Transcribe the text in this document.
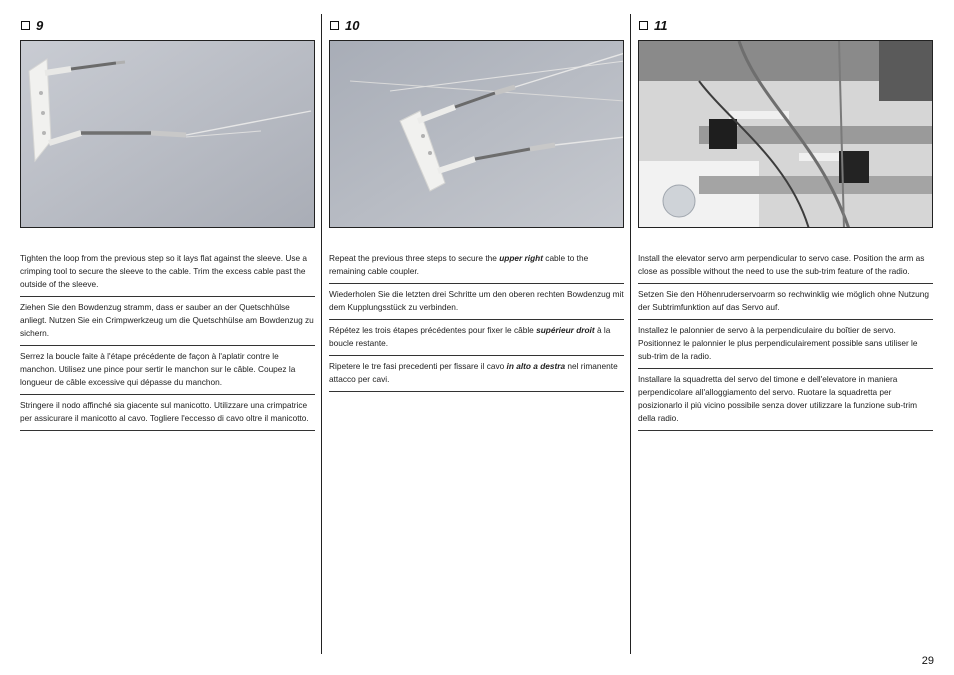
9
Tighten the loop from the previous step so it lays flat against the sleeve. Use a crimping tool to secure the sleeve to the cable. Trim the excess cable past the outside of the sleeve.
Ziehen Sie den Bowdenzug stramm, dass er sauber an der Quetschhülse anliegt. Nutzen Sie ein Crimpwerkzeug um die Quetschhülse am Bowdenzug zu sichern.
Serrez la boucle faite à l'étape précédente de façon à l'aplatir contre le manchon. Utilisez une pince pour sertir le manchon sur le câble. Coupez la longueur de câble excessive qui dépasse du manchon.
Stringere il nodo affinché sia giacente sul manicotto. Utilizzare una crimpatrice per assicurare il manicotto al cavo. Togliere l'eccesso di cavo oltre il manicotto.
10
Repeat the previous three steps to secure the upper right cable to the remaining cable coupler.
Wiederholen Sie die letzten drei Schritte um den oberen rechten Bowdenzug mit dem Kupplungsstück zu verbinden.
Répétez les trois étapes précédentes pour fixer le câble supérieur droit à la boucle restante.
Ripetere le tre fasi precedenti per fissare il cavo in alto a destra nel rimanente attacco per cavi.
11
Install the elevator servo arm perpendicular to servo case. Position the arm as close as possible without the need to use the sub-trim feature of the radio.
Setzen Sie den Höhenruderservoarm so rechwinklig wie möglich ohne Nutzung der Subtrimfunktion auf das Servo auf.
Installez le palonnier de servo à la perpendiculaire du boîtier de servo. Positionnez le palonnier le plus perpendiculairement possible sans utiliser le sub-trim de la radio.
Installare la squadretta del servo del timone e dell'elevatore in maniera perpendicolare all'alloggiamento del servo. Ruotare la squadretta per posizionarlo il più vicino possibile senza dover utilizzare la funzione sub-trim della radio.
29
